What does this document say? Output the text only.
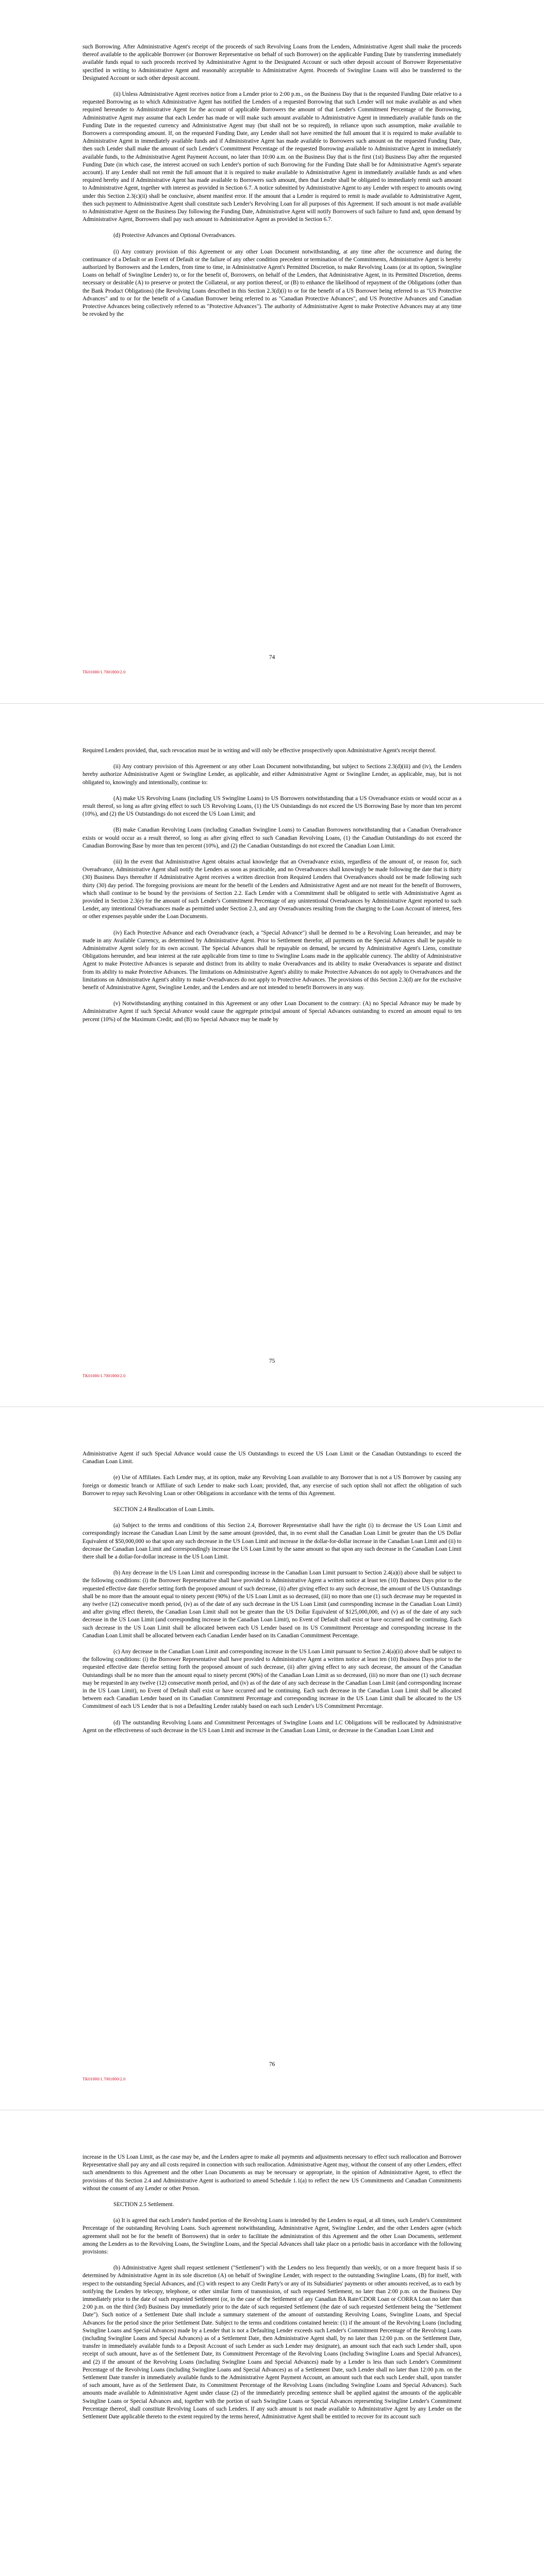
such Borrowing. After Administrative Agent's receipt of the proceeds of such Revolving Loans from the Lenders, Administrative Agent shall make the proceeds thereof available to the applicable Borrower (or Borrower Representative on behalf of such Borrower) on the applicable Funding Date by transferring immediately available funds equal to such proceeds received by Administrative Agent to the Designated Account or such other deposit account of Borrower Representative specified in writing to Administrative Agent and reasonably acceptable to Administrative Agent. Proceeds of Swingline Loans will also be transferred to the Designated Account or such other deposit account.

(ii) Unless Administrative Agent receives notice from a Lender prior to 2:00 p.m., on the Business Day that is the requested Funding Date relative to a requested Borrowing as to which Administrative Agent has notified the Lenders of a requested Borrowing that such Lender will not make available as and when required hereunder to Administrative Agent for the account of applicable Borrowers the amount of that Lender's Commitment Percentage of the Borrowing, Administrative Agent may assume that each Lender has made or will make such amount available to Administrative Agent in immediately available funds on the Funding Date in the requested currency and Administrative Agent may (but shall not be so required), in reliance upon such assumption, make available to Borrowers a corresponding amount. If, on the requested Funding Date, any Lender shall not have remitted the full amount that it is required to make available to Administrative Agent in immediately available funds and if Administrative Agent has made available to Borrowers such amount on the requested Funding Date, then such Lender shall make the amount of such Lender's Commitment Percentage of the requested Borrowing available to Administrative Agent in immediately available funds, to the Administrative Agent Payment Account, no later than 10:00 a.m. on the Business Day that is the first (1st) Business Day after the requested Funding Date (in which case, the interest accrued on such Lender's portion of such Borrowing for the Funding Date shall be for Administrative Agent's separate account). If any Lender shall not remit the full amount that it is required to make available to Administrative Agent in immediately available funds as and when required hereby and if Administrative Agent has made available to Borrowers such amount, then that Lender shall be obligated to immediately remit such amount to Administrative Agent, together with interest as provided in Section 6.7. A notice submitted by Administrative Agent to any Lender with respect to amounts owing under this Section 2.3(c)(ii) shall be conclusive, absent manifest error. If the amount that a Lender is required to remit is made available to Administrative Agent, then such payment to Administrative Agent shall constitute such Lender's Revolving Loan for all purposes of this Agreement. If such amount is not made available to Administrative Agent on the Business Day following the Funding Date, Administrative Agent will notify Borrowers of such failure to fund and, upon demand by Administrative Agent, Borrowers shall pay such amount to Administrative Agent as provided in Section 6.7.

(d) Protective Advances and Optional Overadvances.

(i) Any contrary provision of this Agreement or any other Loan Document notwithstanding, at any time after the occurrence and during the continuance of a Default or an Event of Default or the failure of any other condition precedent or termination of the Commitments, Administrative Agent is hereby authorized by Borrowers and the Lenders, from time to time, in Administrative Agent's Permitted Discretion, to make Revolving Loans (or at its option, Swingline Loans on behalf of Swingline Lender) to, or for the benefit of, Borrowers, on behalf of the Lenders, that Administrative Agent, in its Permitted Discretion, deems necessary or desirable (A) to preserve or protect the Collateral, or any portion thereof, or (B) to enhance the likelihood of repayment of the Obligations (other than the Bank Product Obligations) (the Revolving Loans described in this Section 2.3(d)(i) to or for the benefit of a US Borrower being referred to as "US Protective Advances" and to or for the benefit of a Canadian Borrower being referred to as "Canadian Protective Advances", and US Protective Advances and Canadian Protective Advances being collectively referred to as "Protective Advances"). The authority of Administrative Agent to make Protective Advances may at any time be revoked by the

74
TK01000/1.7001800/2.0

Required Lenders provided, that, such revocation must be in writing and will only be effective prospectively upon Administrative Agent's receipt thereof.

(ii) Any contrary provision of this Agreement or any other Loan Document notwithstanding, but subject to Sections 2.3(d)(iii) and (iv), the Lenders hereby authorize Administrative Agent or Swingline Lender, as applicable, and either Administrative Agent or Swingline Lender, as applicable, may, but is not obligated to, knowingly and intentionally, continue to:

(A) make US Revolving Loans (including US Swingline Loans) to US Borrowers notwithstanding that a US Overadvance exists or would occur as a result thereof, so long as after giving effect to such US Revolving Loans, (1) the US Outstandings do not exceed the US Borrowing Base by more than ten percent (10%), and (2) the US Outstandings do not exceed the US Loan Limit; and

(B) make Canadian Revolving Loans (including Canadian Swingline Loans) to Canadian Borrowers notwithstanding that a Canadian Overadvance exists or would occur as a result thereof, so long as after giving effect to such Canadian Revolving Loans, (1) the Canadian Outstandings do not exceed the Canadian Borrowing Base by more than ten percent (10%), and (2) the Canadian Outstandings do not exceed the Canadian Loan Limit.

(iii) In the event that Administrative Agent obtains actual knowledge that an Overadvance exists, regardless of the amount of, or reason for, such Overadvance, Administrative Agent shall notify the Lenders as soon as practicable, and no Overadvances shall knowingly be made following the date that is thirty (30) Business Days thereafter if Administrative Agent receives a written direction from Required Lenders that Overadvances should not be made following such thirty (30) day period. The foregoing provisions are meant for the benefit of the Lenders and Administrative Agent and are not meant for the benefit of Borrowers, which shall continue to be bound by the provisions of Section 2.2. Each Lender with a Commitment shall be obligated to settle with Administrative Agent as provided in Section 2.3(e) for the amount of such Lender's Commitment Percentage of any unintentional Overadvances by Administrative Agent reported to such Lender, any intentional Overadvances made as permitted under Section 2.3, and any Overadvances resulting from the charging to the Loan Account of interest, fees or other expenses payable under the Loan Documents.

(iv) Each Protective Advance and each Overadvance (each, a "Special Advance") shall be deemed to be a Revolving Loan hereunder, and may be made in any Available Currency, as determined by Administrative Agent. Prior to Settlement therefor, all payments on the Special Advances shall be payable to Administrative Agent solely for its own account. The Special Advances shall be repayable on demand, be secured by Administrative Agent's Liens, constitute Obligations hereunder, and bear interest at the rate applicable from time to time to Swingline Loans made in the applicable currency. The ability of Administrative Agent to make Protective Advances is separate and distinct from its ability to make Overadvances and its ability to make Overadvances is separate and distinct from its ability to make Protective Advances. The limitations on Administrative Agent's ability to make Protective Advances do not apply to Overadvances and the limitations on Administrative Agent's ability to make Overadvances do not apply to Protective Advances. The provisions of this Section 2.3(d) are for the exclusive benefit of Administrative Agent, Swingline Lender, and the Lenders and are not intended to benefit Borrowers in any way.

(v) Notwithstanding anything contained in this Agreement or any other Loan Document to the contrary: (A) no Special Advance may be made by Administrative Agent if such Special Advance would cause the aggregate principal amount of Special Advances outstanding to exceed an amount equal to ten percent (10%) of the Maximum Credit; and (B) no Special Advance may be made by

75
TK01000/1.7001800/2.0

Administrative Agent if such Special Advance would cause the US Outstandings to exceed the US Loan Limit or the Canadian Outstandings to exceed the Canadian Loan Limit.

(e) Use of Affiliates. Each Lender may, at its option, make any Revolving Loan available to any Borrower that is not a US Borrower by causing any foreign or domestic branch or Affiliate of such Lender to make such Loan; provided, that, any exercise of such option shall not affect the obligation of such Borrower to repay such Revolving Loan or other Obligations in accordance with the terms of this Agreement.

SECTION 2.4 Reallocation of Loan Limits.

(a) Subject to the terms and conditions of this Section 2.4, Borrower Representative shall have the right (i) to decrease the US Loan Limit and correspondingly increase the Canadian Loan Limit by the same amount (provided, that, in no event shall the Canadian Loan Limit be greater than the US Dollar Equivalent of $50,000,000 so that upon any such decrease in the US Loan Limit and increase in the dollar-for-dollar increase in the Canadian Loan Limit and (ii) to decrease the Canadian Loan Limit and correspondingly increase the US Loan Limit by the same amount so that upon any such decrease in the Canadian Loan Limit there shall be a dollar-for-dollar increase in the US Loan Limit.

(b) Any decrease in the US Loan Limit and corresponding increase in the Canadian Loan Limit pursuant to Section 2.4(a)(i) above shall be subject to the following conditions: (i) the Borrower Representative shall have provided to Administrative Agent a written notice at least ten (10) Business Days prior to the requested effective date therefor setting forth the proposed amount of such decrease, (ii) after giving effect to any such decrease, the amount of the US Outstandings shall be no more than the amount equal to ninety percent (90%) of the US Loan Limit as so decreased, (iii) no more than one (1) such decrease may be requested in any twelve (12) consecutive month period, (iv) as of the date of any such decrease in the US Loan Limit (and corresponding increase in the Canadian Loan Limit) and after giving effect thereto, the Canadian Loan Limit shall not be greater than the US Dollar Equivalent of $125,000,000, and (v) as of the date of any such decrease in the US Loan Limit (and corresponding increase in the Canadian Loan Limit), no Event of Default shall exist or have occurred and be continuing. Each such decrease in the US Loan Limit shall be allocated between each US Lender based on its US Commitment Percentage and corresponding increase in the Canadian Loan Limit shall be allocated between each Canadian Lender based on its Canadian Commitment Percentage.

(c) Any decrease in the Canadian Loan Limit and corresponding increase in the US Loan Limit pursuant to Section 2.4(a)(ii) above shall be subject to the following conditions: (i) the Borrower Representative shall have provided to Administrative Agent a written notice at least ten (10) Business Days prior to the requested effective date therefor setting forth the proposed amount of such decrease, (ii) after giving effect to any such decrease, the amount of the Canadian Outstandings shall be no more than the amount equal to ninety percent (90%) of the Canadian Loan Limit as so decreased, (iii) no more than one (1) such decrease may be requested in any twelve (12) consecutive month period, and (iv) as of the date of any such decrease in the Canadian Loan Limit (and corresponding increase in the US Loan Limit), no Event of Default shall exist or have occurred and be continuing. Each such decrease in the Canadian Loan Limit shall be allocated between each Canadian Lender based on its Canadian Commitment Percentage and corresponding increase in the US Loan Limit shall be allocated to the US Commitment of each US Lender that is not a Defaulting Lender ratably based on each such Lender's US Commitment Percentage.

(d) The outstanding Revolving Loans and Commitment Percentages of Swingline Loans and LC Obligations will be reallocated by Administrative Agent on the effectiveness of such decrease in the US Loan Limit and increase in the Canadian Loan Limit, or decrease in the Canadian Loan Limit and

76
TK01000/1.7001800/2.0

increase in the US Loan Limit, as the case may be, and the Lenders agree to make all payments and adjustments necessary to effect such reallocation and Borrower Representative shall pay any and all costs required in connection with such reallocation. Administrative Agent may, without the consent of any other Lenders, effect such amendments to this Agreement and the other Loan Documents as may be necessary or appropriate, in the opinion of Administrative Agent, to effect the provisions of this Section 2.4 and Administrative Agent is authorized to amend Schedule 1.1(a) to reflect the new US Commitments and Canadian Commitments without the consent of any Lender or other Person.

SECTION 2.5 Settlement.

(a) It is agreed that each Lender's funded portion of the Revolving Loans is intended by the Lenders to equal, at all times, such Lender's Commitment Percentage of the outstanding Revolving Loans. Such agreement notwithstanding, Administrative Agent, Swingline Lender, and the other Lenders agree (which agreement shall not be for the benefit of Borrowers) that in order to facilitate the administration of this Agreement and the other Loan Documents, settlement among the Lenders as to the Revolving Loans, the Swingline Loans, and the Special Advances shall take place on a periodic basis in accordance with the following provisions:

(b) Administrative Agent shall request settlement ("Settlement") with the Lenders no less frequently than weekly, or on a more frequent basis if so determined by Administrative Agent in its sole discretion (A) on behalf of Swingline Lender, with respect to the outstanding Swingline Loans, (B) for itself, with respect to the outstanding Special Advances, and (C) with respect to any Credit Party's or any of its Subsidiaries' payments or other amounts received, as to each by notifying the Lenders by telecopy, telephone, or other similar form of transmission, of such requested Settlement, no later than 2:00 p.m. on the Business Day immediately prior to the date of such requested Settlement (or, in the case of the Settlement of any Canadian BA Rate/CDOR Loan or CORRA Loan no later than 2:00 p.m. on the third (3rd) Business Day immediately prior to the date of such requested Settlement (the date of such requested Settlement being the "Settlement Date"). Such notice of a Settlement Date shall include a summary statement of the amount of outstanding Revolving Loans, Swingline Loans, and Special Advances for the period since the prior Settlement Date. Subject to the terms and conditions contained herein: (1) if the amount of the Revolving Loans (including Swingline Loans and Special Advances) made by a Lender that is not a Defaulting Lender exceeds such Lender's Commitment Percentage of the Revolving Loans (including Swingline Loans and Special Advances) as of a Settlement Date, then Administrative Agent shall, by no later than 12:00 p.m. on the Settlement Date, transfer in immediately available funds to a Deposit Account of such Lender as such Lender may designate), an amount such that each such Lender shall, upon receipt of such amount, have as of the Settlement Date, its Commitment Percentage of the Revolving Loans (including Swingline Loans and Special Advances), and (2) if the amount of the Revolving Loans (including Swingline Loans and Special Advances) made by a Lender is less than such Lender's Commitment Percentage of the Revolving Loans (including Swingline Loans and Special Advances) as of a Settlement Date, such Lender shall no later than 12:00 p.m. on the Settlement Date transfer in immediately available funds to the Administrative Agent Payment Account, an amount such that each such Lender shall, upon transfer of such amount, have as of the Settlement Date, its Commitment Percentage of the Revolving Loans (including Swingline Loans and Special Advances). Such amounts made available to Administrative Agent under clause (2) of the immediately preceding sentence shall be applied against the amounts of the applicable Swingline Loans or Special Advances and, together with the portion of such Swingline Loans or Special Advances representing Swingline Lender's Commitment Percentage thereof, shall constitute Revolving Loans of such Lenders. If any such amount is not made available to Administrative Agent by any Lender on the Settlement Date applicable thereto to the extent required by the terms hereof, Administrative Agent shall be entitled to recover for its account such
